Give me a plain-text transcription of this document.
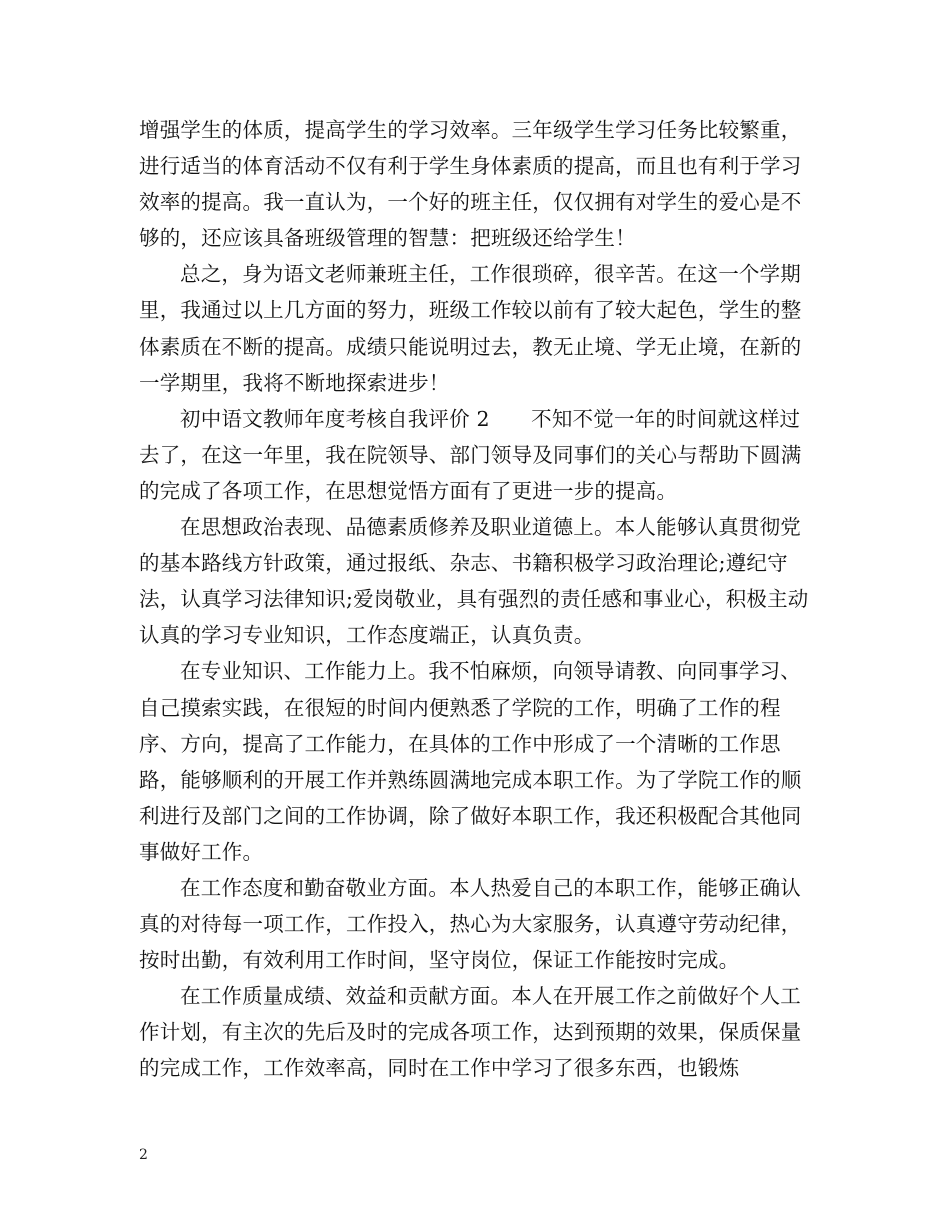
增强学生的体质，提高学生的学习效率。三年级学生学习任务比较繁重，进行适当的体育活动不仅有利于学生身体素质的提高，而且也有利于学习效率的提高。我一直认为，一个好的班主任，仅仅拥有对学生的爱心是不够的，还应该具备班级管理的智慧：把班级还给学生！

总之，身为语文老师兼班主任，工作很琐碎，很辛苦。在这一个学期里，我通过以上几方面的努力，班级工作较以前有了较大起色，学生的整体素质在不断的提高。成绩只能说明过去，教无止境、学无止境，在新的一学期里，我将不断地探索进步！

初中语文教师年度考核自我评价 2　　不知不觉一年的时间就这样过去了，在这一年里，我在院领导、部门领导及同事们的关心与帮助下圆满的完成了各项工作，在思想觉悟方面有了更进一步的提高。

在思想政治表现、品德素质修养及职业道德上。本人能够认真贯彻党的基本路线方针政策，通过报纸、杂志、书籍积极学习政治理论;遵纪守法，认真学习法律知识;爱岗敬业，具有强烈的责任感和事业心，积极主动认真的学习专业知识，工作态度端正，认真负责。

在专业知识、工作能力上。我不怕麻烦，向领导请教、向同事学习、自己摸索实践，在很短的时间内便熟悉了学院的工作，明确了工作的程序、方向，提高了工作能力，在具体的工作中形成了一个清晰的工作思路，能够顺利的开展工作并熟练圆满地完成本职工作。为了学院工作的顺利进行及部门之间的工作协调，除了做好本职工作，我还积极配合其他同事做好工作。

在工作态度和勤奋敬业方面。本人热爱自己的本职工作，能够正确认真的对待每一项工作，工作投入，热心为大家服务，认真遵守劳动纪律，按时出勤，有效利用工作时间，坚守岗位，保证工作能按时完成。

在工作质量成绩、效益和贡献方面。本人在开展工作之前做好个人工作计划，有主次的先后及时的完成各项工作，达到预期的效果，保质保量的完成工作，工作效率高，同时在工作中学习了很多东西，也锻炼

2
